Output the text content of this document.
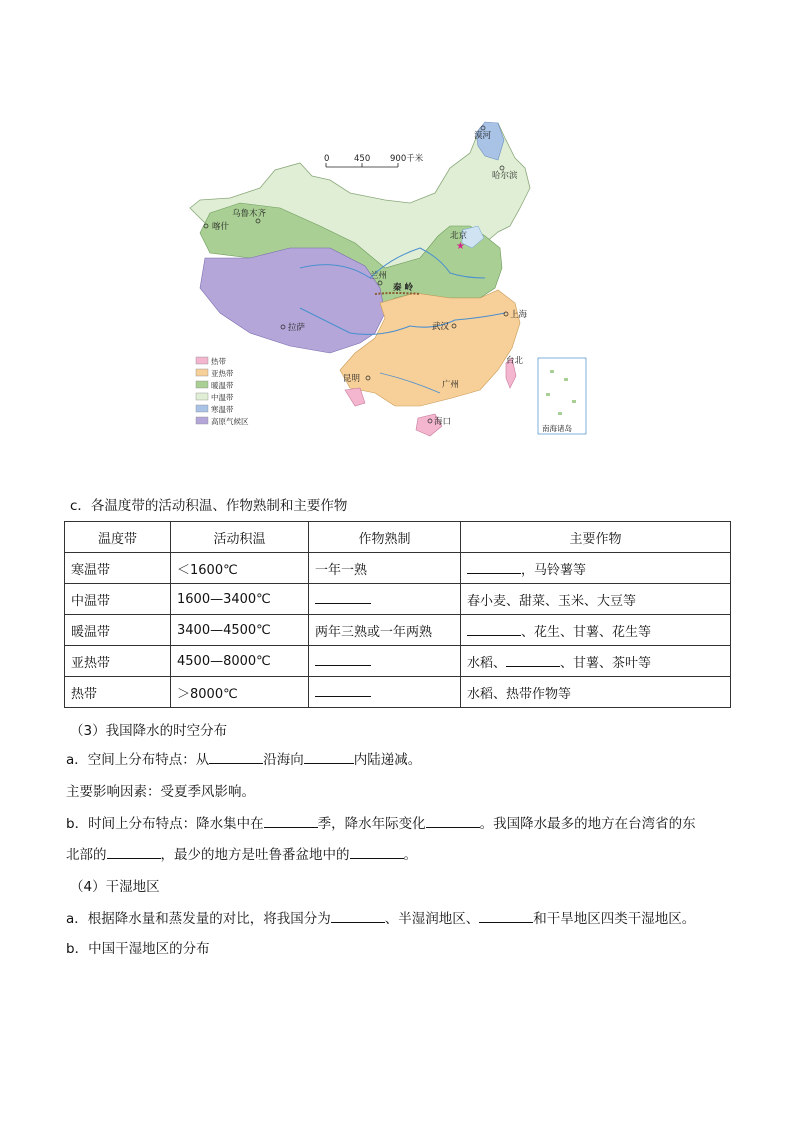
0	450 900千米
漠河
哈尔滨
乌鲁木齐
喀什
北京
★
兰州
秦 岭
上海
拉萨	武汉
台北
昆明
广州
海口
南海诸岛
热带
亚热带
暖温带
中温带
寒温带
高原气候区
c．各温度带的活动积温、作物熟制和主要作物
温度带	活动积温	作物熟制	主要作物
寒温带	＜1600℃	一年一熟	，马铃薯等
中温带	1600—3400℃		春小麦、甜菜、玉米、大豆等
暖温带	3400—4500℃	两年三熟或一年两熟	、花生、甘薯、花生等
亚热带	4500—8000℃		水稻、 、甘薯、茶叶等
热带	＞8000℃		水稻、热带作物等
（3）我国降水的时空分布
a．空间上分布特点：从	沿海向	内陆递减。
主要影响因素：受夏季风影响。
b．时间上分布特点：降水集中在	季，降水年际变化	。我国降水最多的地方在台湾省的东
北部的	，最少的地方是吐鲁番盆地中的	。
（4）干湿地区
a．根据降水量和蒸发量的对比，将我国分为	、半湿润地区、	和干旱地区四类干湿地区。
b．中国干湿地区的分布
